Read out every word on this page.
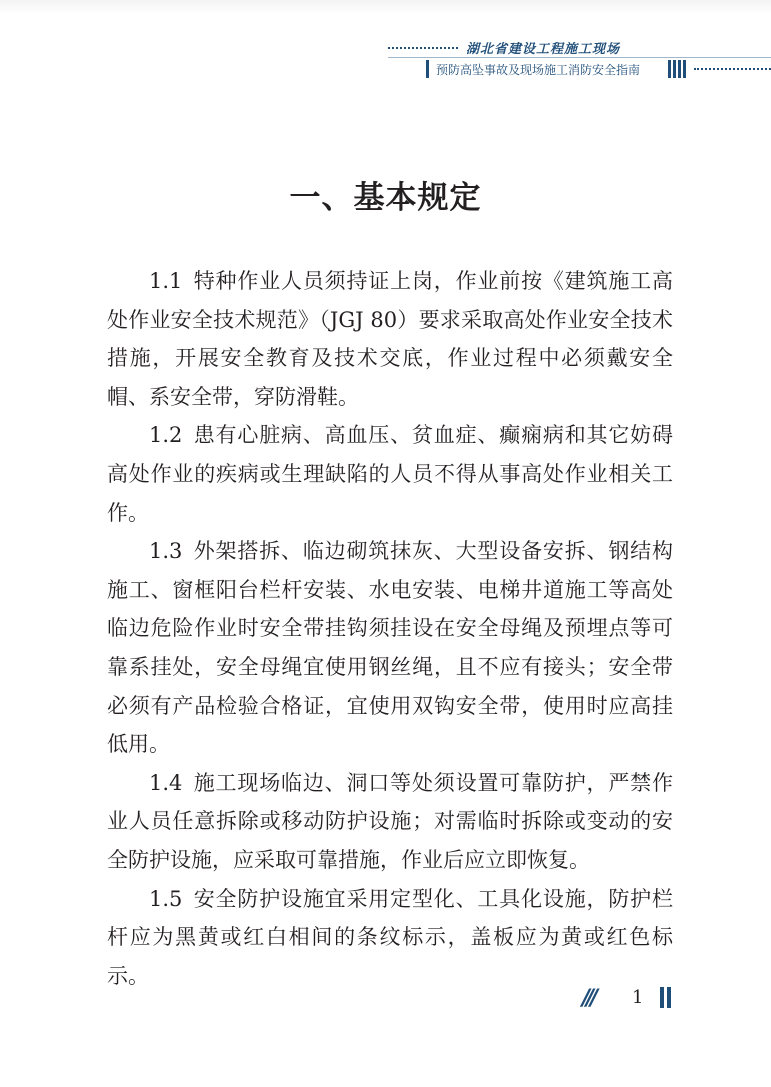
湖北省建设工程施工现场
预防高坠事故及现场施工消防安全指南
一、基本规定

1.1 特种作业人员须持证上岗，作业前按《建筑施工高处作业安全技术规范》（JGJ 80）要求采取高处作业安全技术措施，开展安全教育及技术交底，作业过程中必须戴安全帽、系安全带，穿防滑鞋。

1.2 患有心脏病、高血压、贫血症、癫痫病和其它妨碍高处作业的疾病或生理缺陷的人员不得从事高处作业相关工作。

1.3 外架搭拆、临边砌筑抹灰、大型设备安拆、钢结构施工、窗框阳台栏杆安装、水电安装、电梯井道施工等高处临边危险作业时安全带挂钩须挂设在安全母绳及预埋点等可靠系挂处，安全母绳宜使用钢丝绳，且不应有接头；安全带必须有产品检验合格证，宜使用双钩安全带，使用时应高挂低用。

1.4 施工现场临边、洞口等处须设置可靠防护，严禁作业人员任意拆除或移动防护设施；对需临时拆除或变动的安全防护设施，应采取可靠措施，作业后应立即恢复。

1.5 安全防护设施宜采用定型化、工具化设施，防护栏杆应为黑黄或红白相间的条纹标示，盖板应为黄或红色标示。

/// 1
